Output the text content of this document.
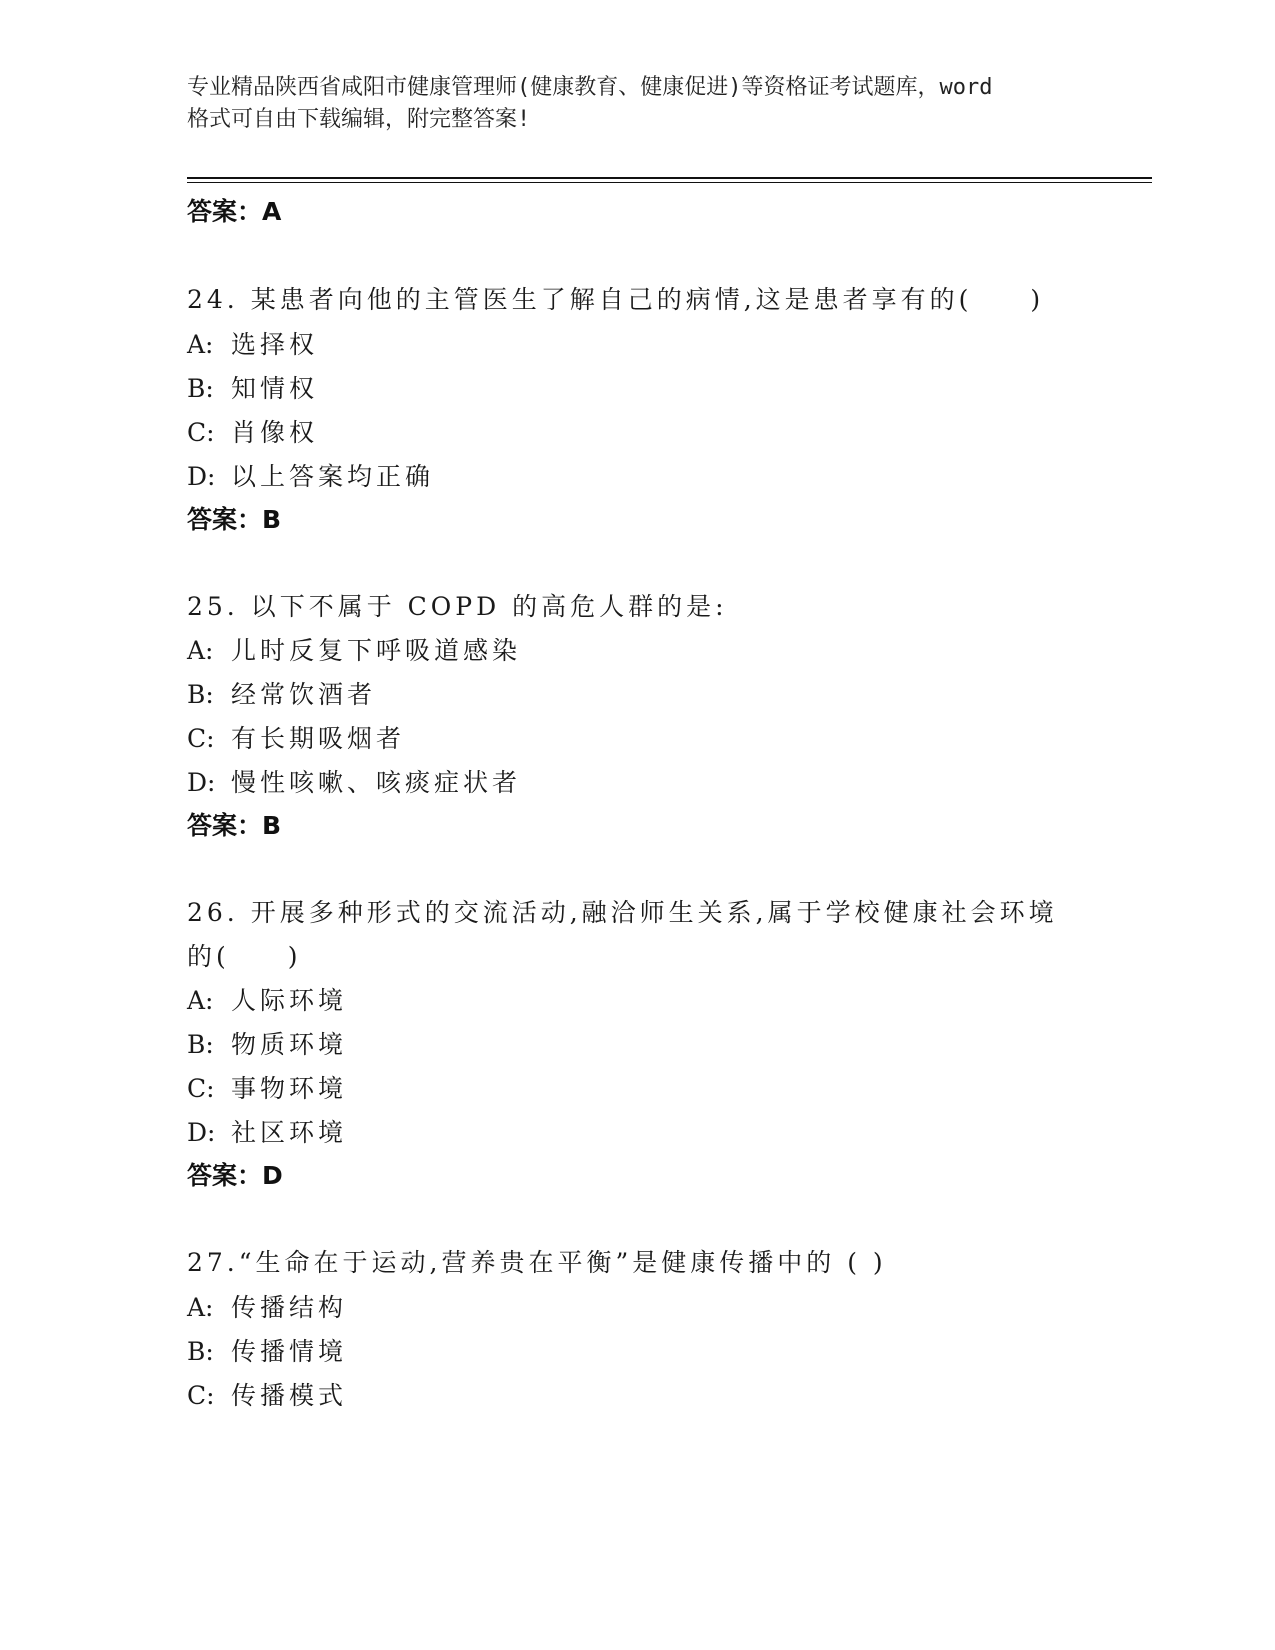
专业精品陕西省咸阳市健康管理师(健康教育、健康促进)等资格证考试题库，word
格式可自由下载编辑，附完整答案!
答案：A
24. 某患者向他的主管医生了解自己的病情,这是患者享有的(　　)
A: 选择权
B: 知情权
C: 肖像权
D: 以上答案均正确
答案：B
25. 以下不属于 COPD 的高危人群的是:
A: 儿时反复下呼吸道感染
B: 经常饮酒者
C: 有长期吸烟者
D: 慢性咳嗽、咳痰症状者
答案：B
26. 开展多种形式的交流活动,融洽师生关系,属于学校健康社会环境
的(　　)
A: 人际环境
B: 物质环境
C: 事物环境
D: 社区环境
答案：D
27.“生命在于运动,营养贵在平衡”是健康传播中的 ( )
A: 传播结构
B: 传播情境
C: 传播模式
